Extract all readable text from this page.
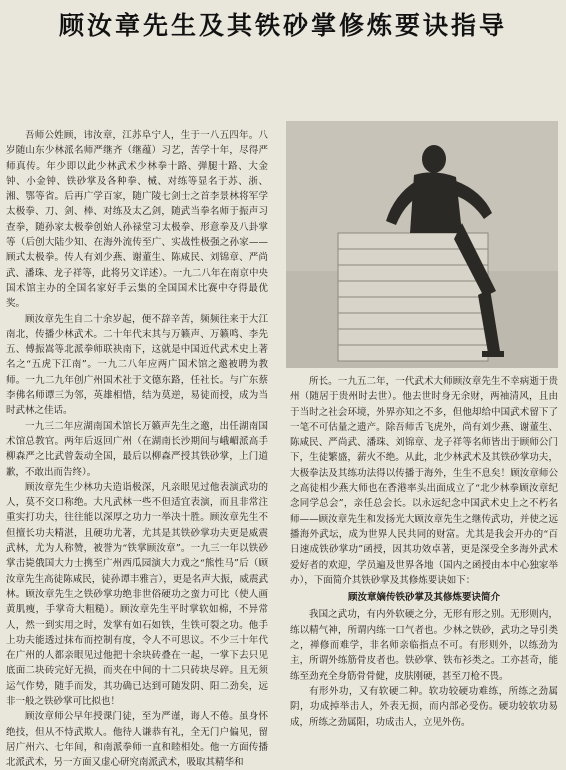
顾汝章先生及其铁砂掌修炼要诀指导

吾师公姓顾，讳汝章，江苏阜宁人，生于一八五四年。八岁随山东少林派名师严继齐（继蕴）习艺，苦学十年，尽得严师真传。年少即以此少林武术少林拳十路、弹腿十路、大金钟、小金钟、铁砂掌及各种拳、械、对练等显名于苏、浙、湘、鄂等省。后再广学百家，随广陵七剑士之首李景林将军学太极拳、刀、剑、棒、对练及太乙剑，随武当拳名师于振声习查拳，随孙家太极拳创始人孙禄堂习太极拳、形意拳及八卦掌等（后创大陆少知、在海外流传至广、实战性极强之孙家——顾式太极拳。传人有刘少燕、谢董生、陈咸民、刘锦章、严尚武、潘珠、龙子祥等，此将另文详述）。一九二八年在南京中央国术馆主办的全国名家好手云集的全国国术比赛中夺得最优奖。

顾汝章先生自二十余岁起，便不辞辛苦，频频往来于大江南北，传播少林武术。二十年代末其与万籁声、万籁鸣、李先五、傅振嵩等北派拳师联袂南下，这就是中国近代武术史上著名之“五虎下江南”。一九二八年应两广国术馆之邀被聘为教师。一九二九年创广州国术社于文德东路，任社长。与广东蔡李佛名师谭三为邻，英雄相惜，结为莫逆，易徒而授，成为当时武林之佳话。

一九三二年应湖南国术馆长万籁声先生之邀，出任湖南国术馆总教官。两年后返回广州（在湖南长沙期间与峨嵋派高手柳森严之比武曾轰动全国，最后以柳森严授其铁砂掌，上门道歉，不敢出而告终）。

顾汝章先生少林功夫造诣极深，凡亲眼见过他表演武功的人，莫不交口称绝。大凡武林一些不但适宜表演，而且非常注重实打功夫，往往能以深厚之功力一举决十胜。顾汝章先生不但擅长功夫精湛，且硬功尤著，尤其是其铁砂掌功夫更是威震武林，尤为人称赞，被誉为“铁掌顾汝章”。一九三一年以铁砂掌击毙俄国大力士携至广州西瓜园演大力戏之“熊性马”后（顾汝章先生高徒陈咸民，徒孙谭丰雅言），更是名声大振，威震武林。顾汝章先生之铁砂掌功绝非世俗硬功之蛮力可比（使人画黄肌瘦，手掌奇大粗糙）。顾汝章先生平时掌软如棉，不异常人，然一到实用之时，发掌有如石如铁，生铁可裂之功。他手上功夫能透过抹布而控制有度，令人不可思议。不少三十年代在广州的人都亲眼见过他把十余块砖叠在一起，一掌下去只见底面二块砖完好无损，而夹在中间的十二只砖块尽碎。且无须运气作势，随手而发，其功确已达到可随发阴、阳二劲矣，远非一般之铁砂掌可比拟也！

顾汝章师公早年授课门徒，至为严谨，诲人不倦。虽身怀绝技，但从不恃武欺人。他待人谦恭有礼，全无门户偏见，留居广州六、七年间，和南派拳师一直和睦相处。他一方面传播北派武术，另一方面又虚心研究南派武术，吸取其精华和

所长。一九五二年，一代武术大师顾汝章先生不幸病逝于贵州（随居于贵州时去世）。他去世时身无余财，两袖清风，且由于当时之社会环境，外界亦知之不多，但他却给中国武术留下了一笔不可估量之遗产。除吾师舌飞虎外，尚有刘少燕、谢董生、陈咸民、严尚武、潘珠、刘锦章、龙子祥等名师皆出于顾师公门下，生徒繁盛，薪火不绝。从此，北少林武术及其铁砂掌功夫，大极拳法及其练功法得以传播于海外，生生不息矣！顾汝章师公之高徒相少燕大师也在香港率头出面成立了“北少林拳顾汝章纪念同学总会”，亲任总会长。以永远纪念中国武术史上之不朽名师——顾汝章先生和发扬光大顾汝章先生之继传武功，并使之远播海外武坛，成为世界人民共同的财富。尤其是我会开办的“百日速成铁砂掌功”函授，因其功效卓著，更是深受全多海外武术爱好者的欢迎，学员遍及世界各地（国内之函授由本中心独家举办），下面简介其铁砂掌及其修炼要诀如下：

顾汝章嫡传铁砂掌及其修炼要诀简介

我国之武功，有内外软硬之分，无形有形之别。无形则内，练以精气神，所谓内练一口气者也。少林之铁砂，武功之导引类之，禅修而难学，非名师亲临指点不可。有形则外，以练劲为主，所谓外练筋骨皮者也。铁砂掌、铁布衫类之。工亦甚奇，能练至劲充全身筋骨骨健，皮肤刚硬，甚至刀枪不畏。

有形外功，又有软硬二种。软功较硬功难练，所练之劲属阴，功成掉举击人，外表无损，而内部必受伤。硬功较软功易成，所练之劲属阳，功成击人，立见外伤。
